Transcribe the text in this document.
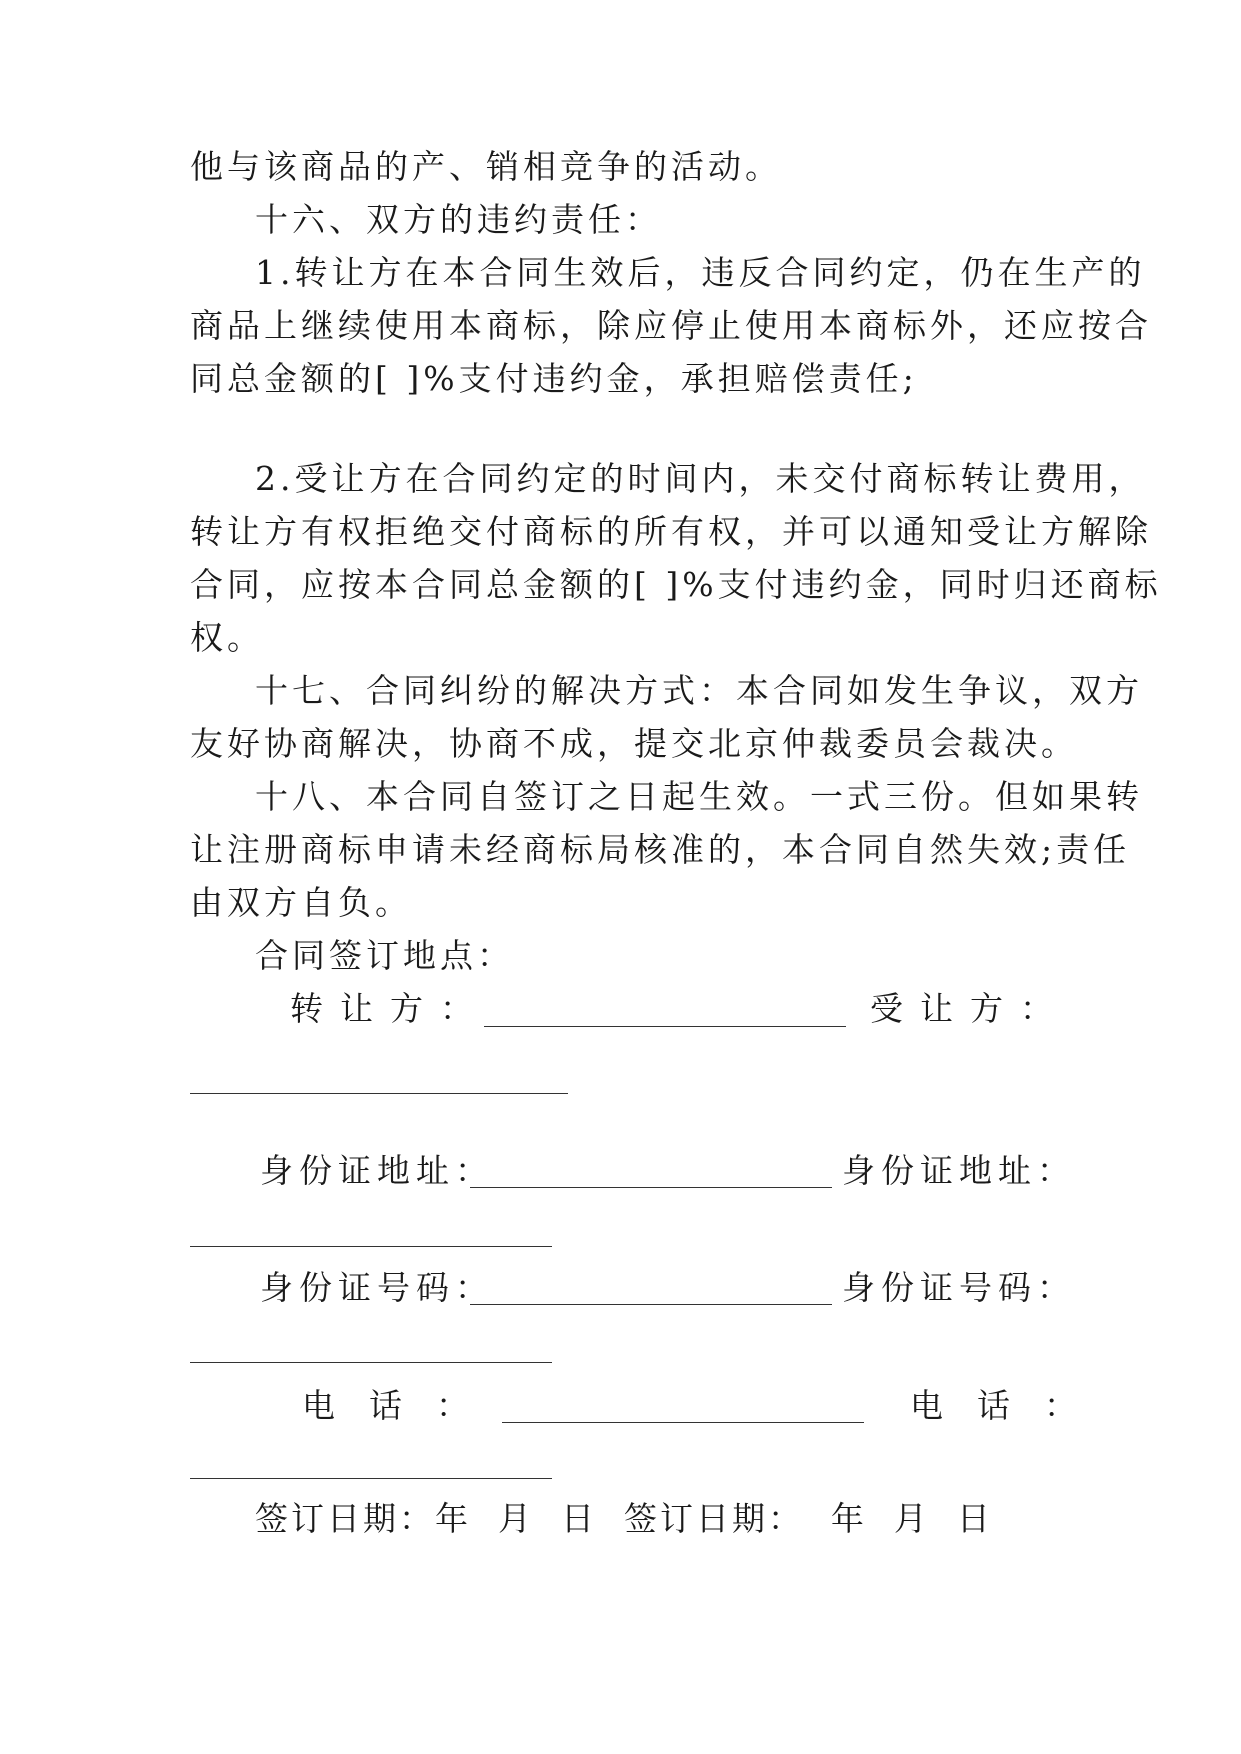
他与该商品的产、销相竞争的活动。
十六、双方的违约责任：
1.转让方在本合同生效后，违反合同约定，仍在生产的
商品上继续使用本商标，除应停止使用本商标外，还应按合
同总金额的[ ]%支付违约金，承担赔偿责任;
2.受让方在合同约定的时间内，未交付商标转让费用，
转让方有权拒绝交付商标的所有权，并可以通知受让方解除
合同，应按本合同总金额的[ ]%支付违约金，同时归还商标
权。
十七、合同纠纷的解决方式：本合同如发生争议，双方
友好协商解决，协商不成，提交北京仲裁委员会裁决。
十八、本合同自签订之日起生效。一式三份。但如果转
让注册商标申请未经商标局核准的，本合同自然失效;责任
由双方自负。
合同签订地点：
转让方：	受让方：
身份证地址：	身份证地址：
身份证号码：	身份证号码：
电话：	电话：
签订日期：年  月  日  签订日期：  年  月  日
